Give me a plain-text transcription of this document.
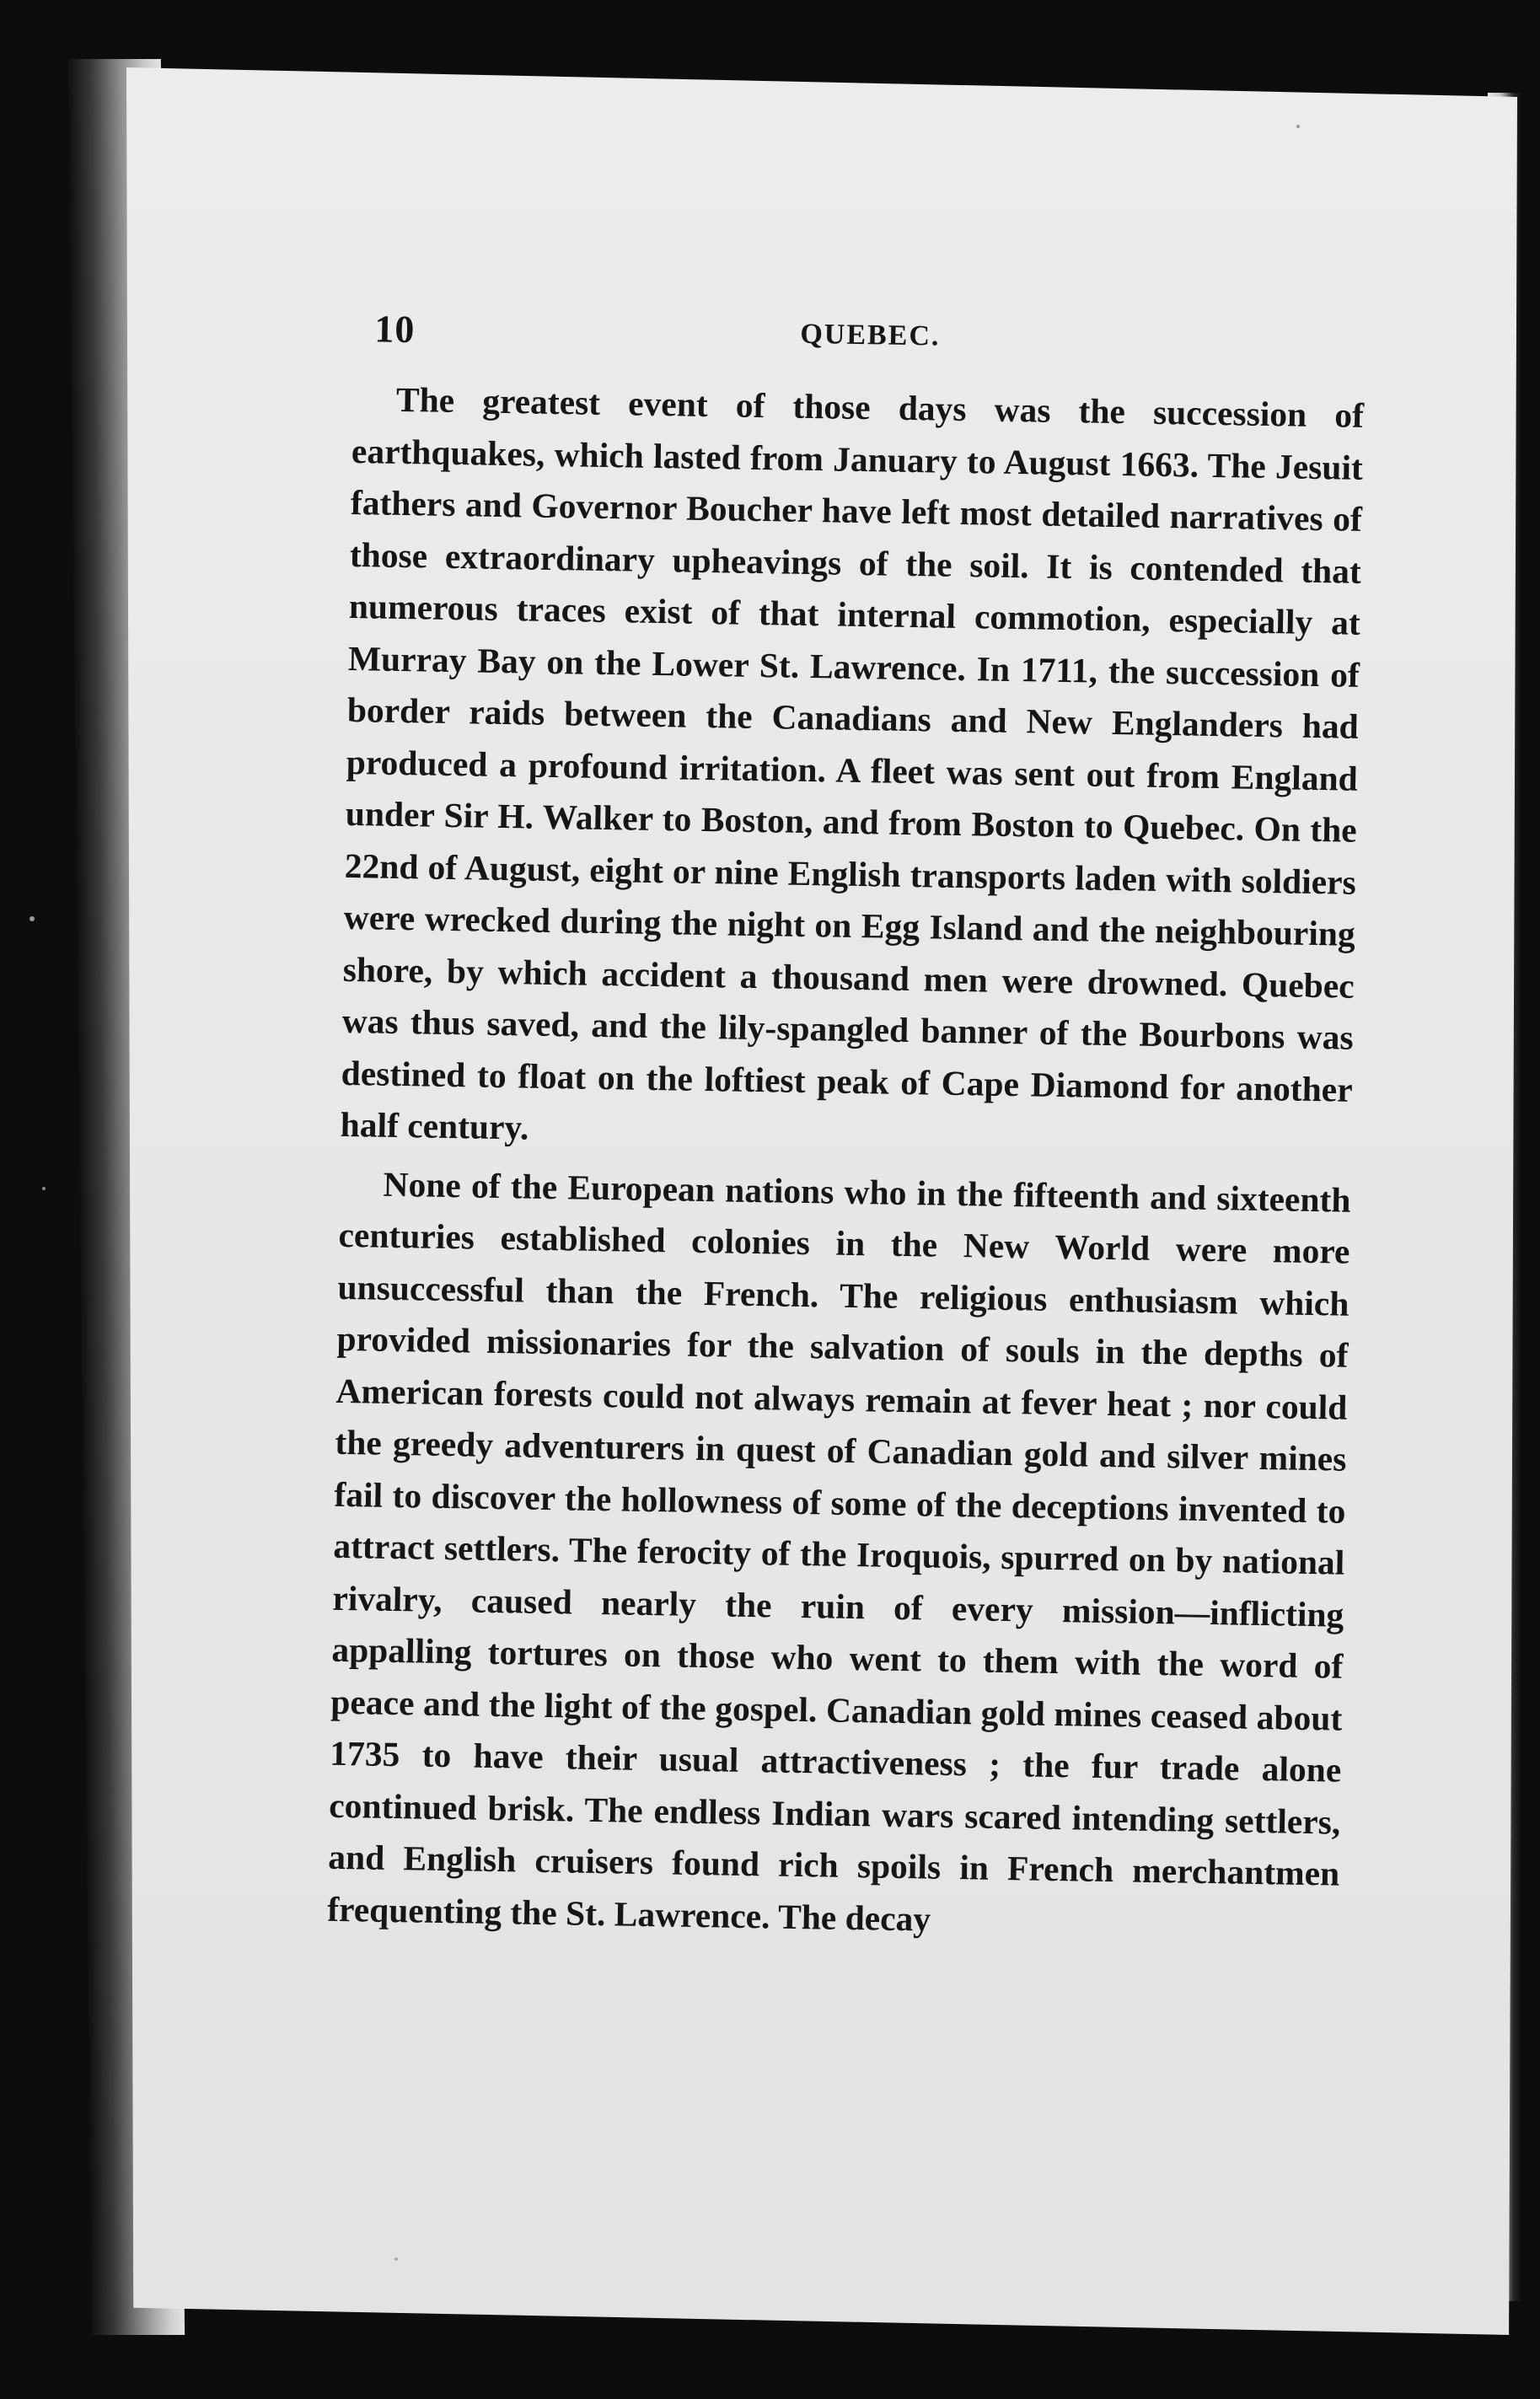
10	QUEBEC.

The greatest event of those days was the succession of earthquakes, which lasted from January to August 1663. The Jesuit fathers and Governor Boucher have left most detailed narratives of those extraordinary upheavings of the soil. It is contended that numerous traces exist of that internal commotion, especially at Murray Bay on the Lower St. Lawrence. In 1711, the succession of border raids between the Canadians and New Englanders had produced a profound irritation. A fleet was sent out from England under Sir H. Walker to Boston, and from Boston to Quebec. On the 22nd of August, eight or nine English transports laden with soldiers were wrecked during the night on Egg Island and the neighbouring shore, by which accident a thousand men were drowned. Quebec was thus saved, and the lily-spangled banner of the Bourbons was destined to float on the loftiest peak of Cape Diamond for another half century.

None of the European nations who in the fifteenth and sixteenth centuries established colonies in the New World were more unsuccessful than the French. The religious enthusiasm which provided missionaries for the salvation of souls in the depths of American forests could not always remain at fever heat ; nor could the greedy adventurers in quest of Canadian gold and silver mines fail to discover the hollowness of some of the deceptions invented to attract settlers. The ferocity of the Iroquois, spurred on by national rivalry, caused nearly the ruin of every mission—inflicting appalling tortures on those who went to them with the word of peace and the light of the gospel. Canadian gold mines ceased about 1735 to have their usual attractiveness ; the fur trade alone continued brisk. The endless Indian wars scared intending settlers, and English cruisers found rich spoils in French merchantmen frequenting the St. Lawrence. The decay
